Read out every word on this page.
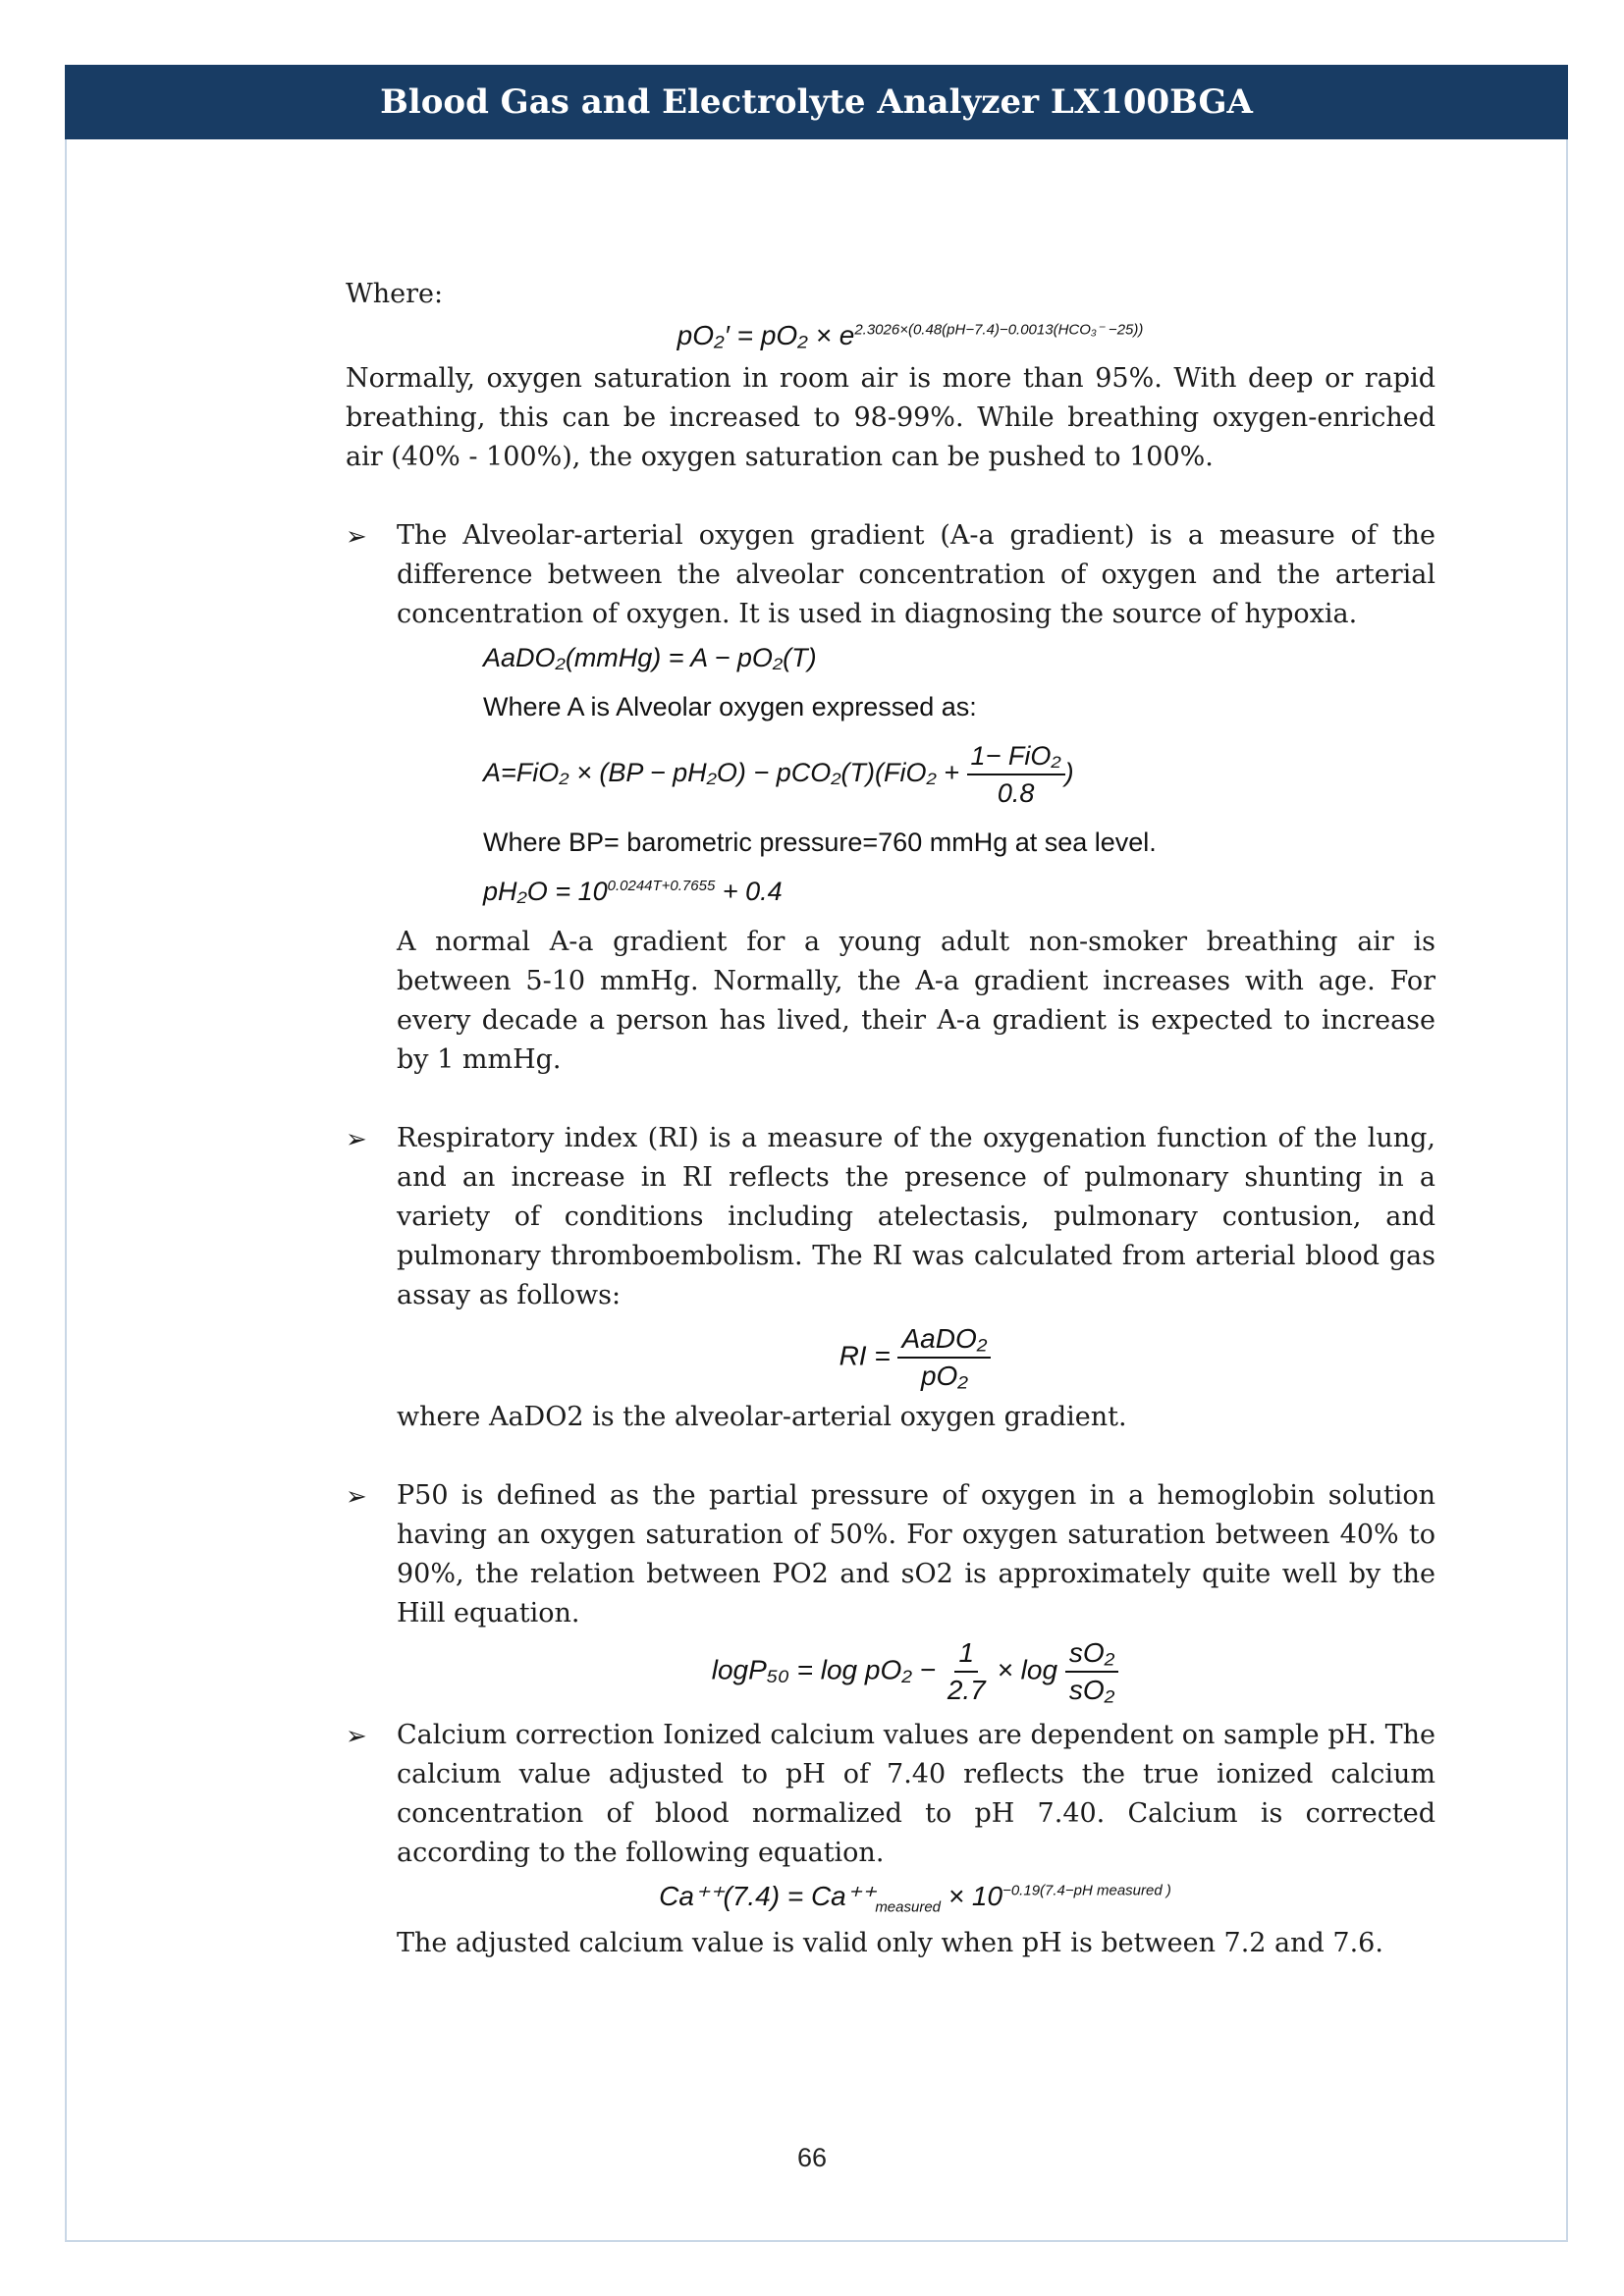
Blood Gas and Electrolyte Analyzer LX100BGA

Where:

$pO_2' = pO_2 \times e^{2.3026\times(0.48(pH-7.4)-0.0013(HCO_3^- -25))}$

Normally, oxygen saturation in room air is more than 95%. With deep or rapid breathing, this can be increased to 98-99%. While breathing oxygen-enriched air (40% - 100%), the oxygen saturation can be pushed to 100%.

➢ The Alveolar-arterial oxygen gradient (A-a gradient) is a measure of the difference between the alveolar concentration of oxygen and the arterial concentration of oxygen. It is used in diagnosing the source of hypoxia.

AaDO₂(mmHg) = A − pO₂(T)
Where A is Alveolar oxygen expressed as:
$A=FiO_2 \times (BP - pH_2O) - pCO_2(T)(FiO_2 + \frac{\text{1− FiO₂}}{0.8}$ )
Where BP= barometric pressure=760 mmHg at sea level.
$pH_2O = 10^{0.0244T+0.7655} + 0.4$

A normal A-a gradient for a young adult non-smoker breathing air is between 5-10 mmHg. Normally, the A-a gradient increases with age. For every decade a person has lived, their A-a gradient is expected to increase by 1 mmHg.

➢ Respiratory index (RI) is a measure of the oxygenation function of the lung, and an increase in RI reflects the presence of pulmonary shunting in a variety of conditions including atelectasis, pulmonary contusion, and pulmonary thromboembolism. The RI was calculated from arterial blood gas assay as follows:

RI = $\frac{\text{AaDO₂}}{\text{pO₂}}$

where AaDO2 is the alveolar-arterial oxygen gradient.

➢ P50 is defined as the partial pressure of oxygen in a hemoglobin solution having an oxygen saturation of 50%. For oxygen saturation between 40% to 90%, the relation between PO2 and sO2 is approximately quite well by the Hill equation.

$\log P_{50} = \log pO_2 - \frac{1}{2.7} \times \log \frac{\text{sO₂}}{\text{sO₂}}$
➢ Calcium correction Ionized calcium values are dependent on sample pH. The calcium value adjusted to pH of 7.40 reflects the true ionized calcium concentration of blood normalized to pH 7.40. Calcium is corrected according to the following equation.

$Ca^{++}(7.4) = Ca^{++}_{measured} \times 10^{-0.19(7.4-pH measured )}$

The adjusted calcium value is valid only when pH is between 7.2 and 7.6.

66
